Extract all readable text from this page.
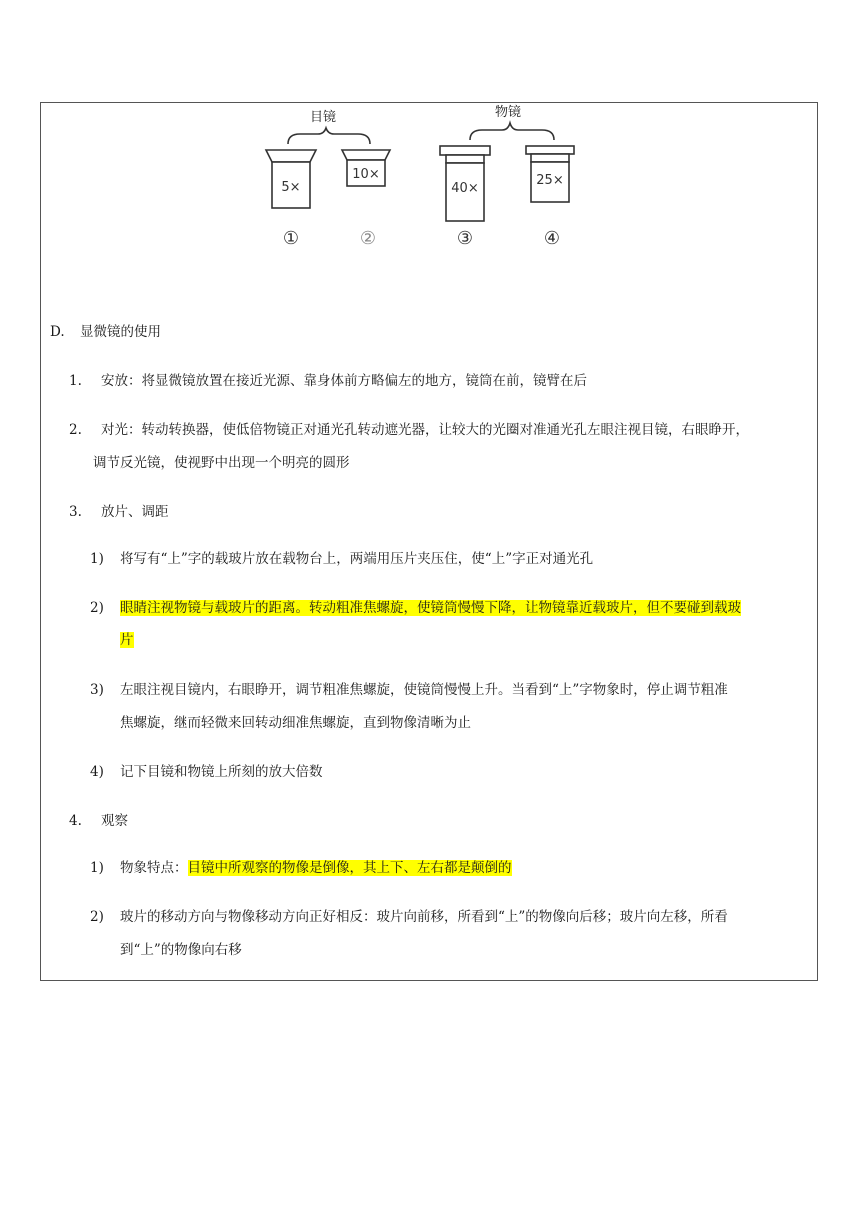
目镜	物镜
5×
10×
40×
25×
①	②	③	④
D. 显微镜的使用
1. 安放：将显微镜放置在接近光源、靠身体前方略偏左的地方，镜筒在前，镜臂在后
2. 对光：转动转换器，使低倍物镜正对通光孔转动遮光器，让较大的光圈对准通光孔左眼注视目镜，右眼睁开，
调节反光镜，使视野中出现一个明亮的圆形
3. 放片、调距
1) 将写有“上”字的载玻片放在载物台上，两端用压片夹压住，使“上”字正对通光孔
2) 眼睛注视物镜与载玻片的距离。转动粗准焦螺旋，使镜筒慢慢下降，让物镜靠近载玻片，但不要碰到载玻
片
3) 左眼注视目镜内，右眼睁开，调节粗准焦螺旋，使镜筒慢慢上升。当看到“上”字物象时，停止调节粗准
焦螺旋，继而轻微来回转动细准焦螺旋，直到物像清晰为止
4) 记下目镜和物镜上所刻的放大倍数
4. 观察
1) 物象特点：目镜中所观察的物像是倒像，其上下、左右都是颠倒的
2) 玻片的移动方向与物像移动方向正好相反：玻片向前移，所看到“上”的物像向后移；玻片向左移，所看
到“上”的物像向右移
